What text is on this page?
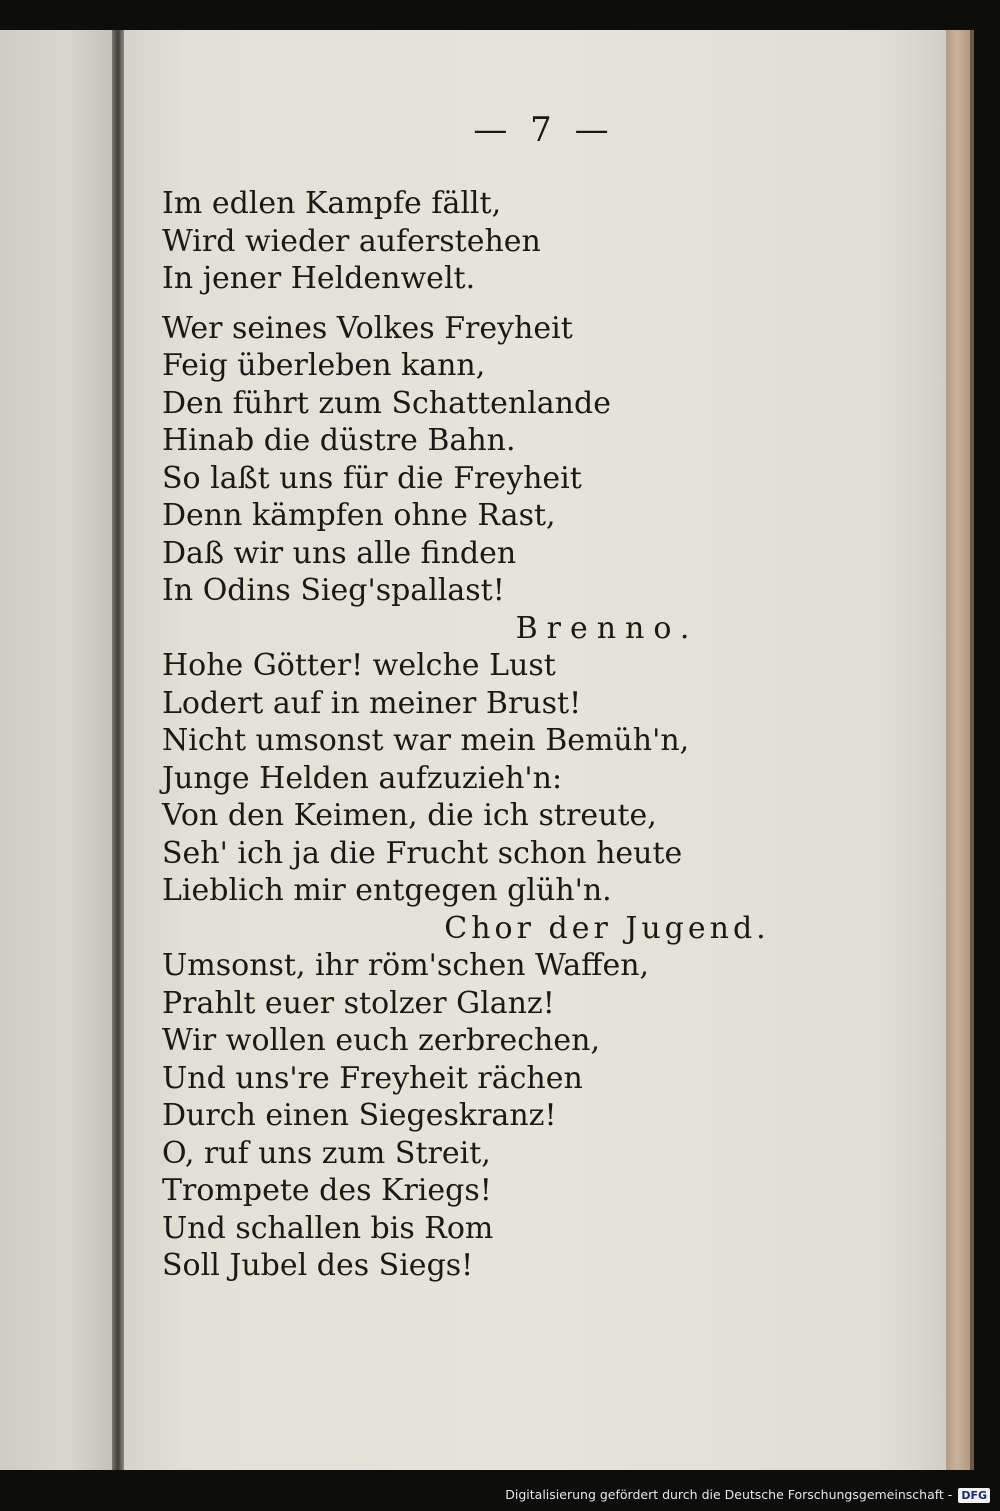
— 7 —
Im edlen Kampfe fällt,
Wird wieder auferstehen
In jener Heldenwelt.
Wer seines Volkes Freyheit
Feig überleben kann,
Den führt zum Schattenlande
Hinab die düstre Bahn.
So laßt uns für die Freyheit
Denn kämpfen ohne Rast,
Daß wir uns alle finden
In Odins Sieg'spallast!
Brenno.
Hohe Götter! welche Lust
Lodert auf in meiner Brust!
Nicht umsonst war mein Bemüh'n,
Junge Helden aufzuzieh'n:
Von den Keimen, die ich streute,
Seh' ich ja die Frucht schon heute
Lieblich mir entgegen glüh'n.
Chor der Jugend.
Umsonst, ihr röm'schen Waffen,
Prahlt euer stolzer Glanz!
Wir wollen euch zerbrechen,
Und uns're Freyheit rächen
Durch einen Siegeskranz!
O, ruf uns zum Streit,
Trompete des Kriegs!
Und schallen bis Rom
Soll Jubel des Siegs!
Digitalisierung gefördert durch die Deutsche Forschungsgemeinschaft - DFG
